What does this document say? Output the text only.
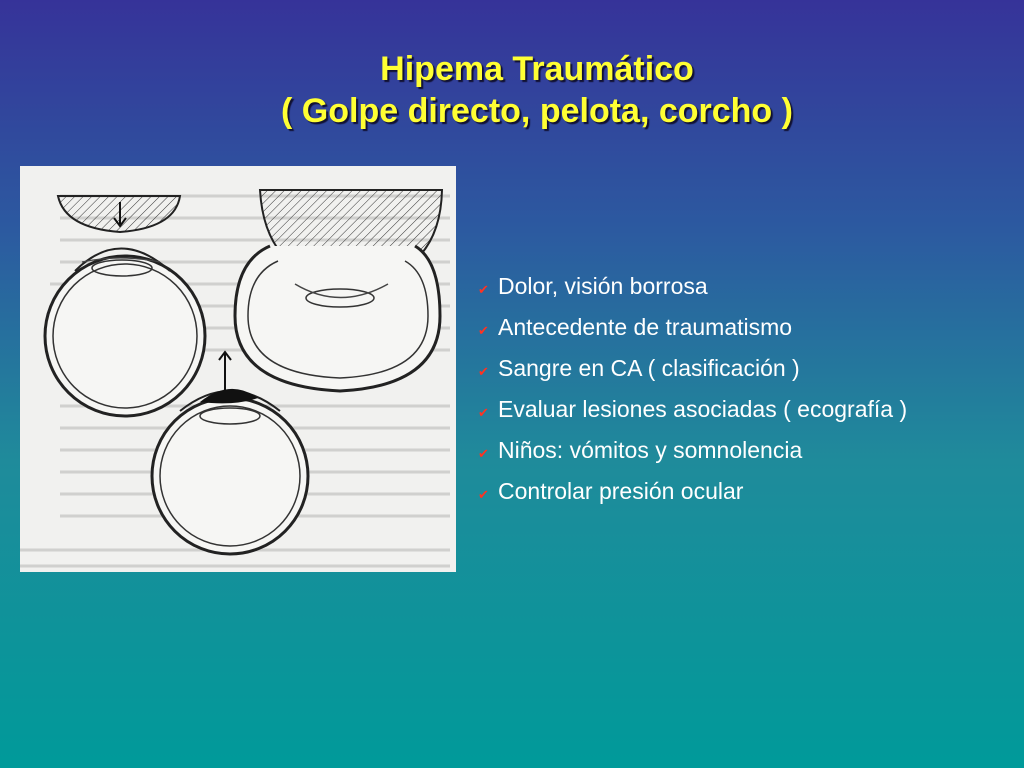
Hipema Traumático
( Golpe directo, pelota, corcho )
✔ Dolor, visión borrosa
✔ Antecedente de traumatismo
✔ Sangre en CA ( clasificación )
✔ Evaluar lesiones asociadas ( ecografía )
✔ Niños: vómitos y somnolencia
✔ Controlar presión ocular
